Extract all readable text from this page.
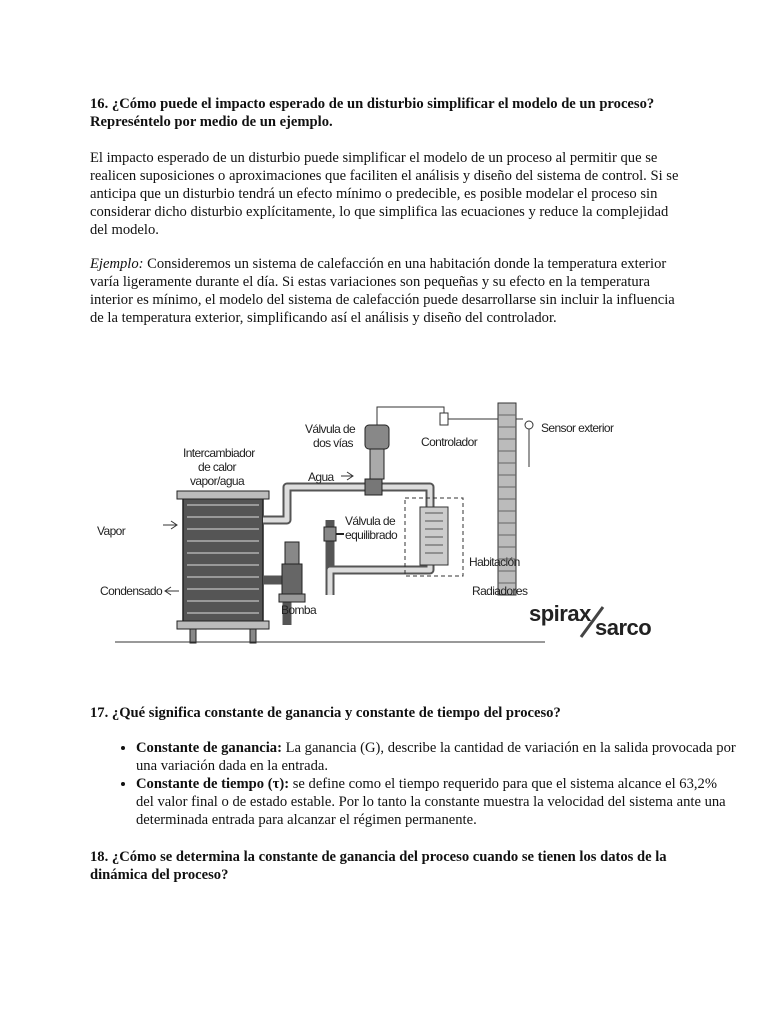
16. ¿Cómo puede el impacto esperado de un disturbio simplificar el modelo de un proceso? Represéntelo por medio de un ejemplo.
El impacto esperado de un disturbio puede simplificar el modelo de un proceso al permitir que se realicen suposiciones o aproximaciones que faciliten el análisis y diseño del sistema de control. Si se anticipa que un disturbio tendrá un efecto mínimo o predecible, es posible modelar el proceso sin considerar dicho disturbio explícitamente, lo que simplifica las ecuaciones y reduce la complejidad del modelo.
Ejemplo: Consideremos un sistema de calefacción en una habitación donde la temperatura exterior varía ligeramente durante el día. Si estas variaciones son pequeñas y su efecto en la temperatura interior es mínimo, el modelo del sistema de calefacción puede desarrollarse sin incluir la influencia de la temperatura exterior, simplificando así el análisis y diseño del controlador.
Vapor
Condensado
Intercambiador
de calor
vapor/agua
Válvula de
dos vías	Controlador
Sensor exterior
Agua
Válvula de
equilibrado
Habitación
Radiadores
Bomba	spirax
sarco
17. ¿Qué significa constante de ganancia y constante de tiempo del proceso?
• Constante de ganancia: La ganancia (G), describe la cantidad de variación en la salida provocada por una variación dada en la entrada.
• Constante de tiempo (τ): se define como el tiempo requerido para que el sistema alcance el 63,2% del valor final o de estado estable. Por lo tanto la constante muestra la velocidad del sistema ante una determinada entrada para alcanzar el régimen permanente.
18. ¿Cómo se determina la constante de ganancia del proceso cuando se tienen los datos de la dinámica del proceso?
